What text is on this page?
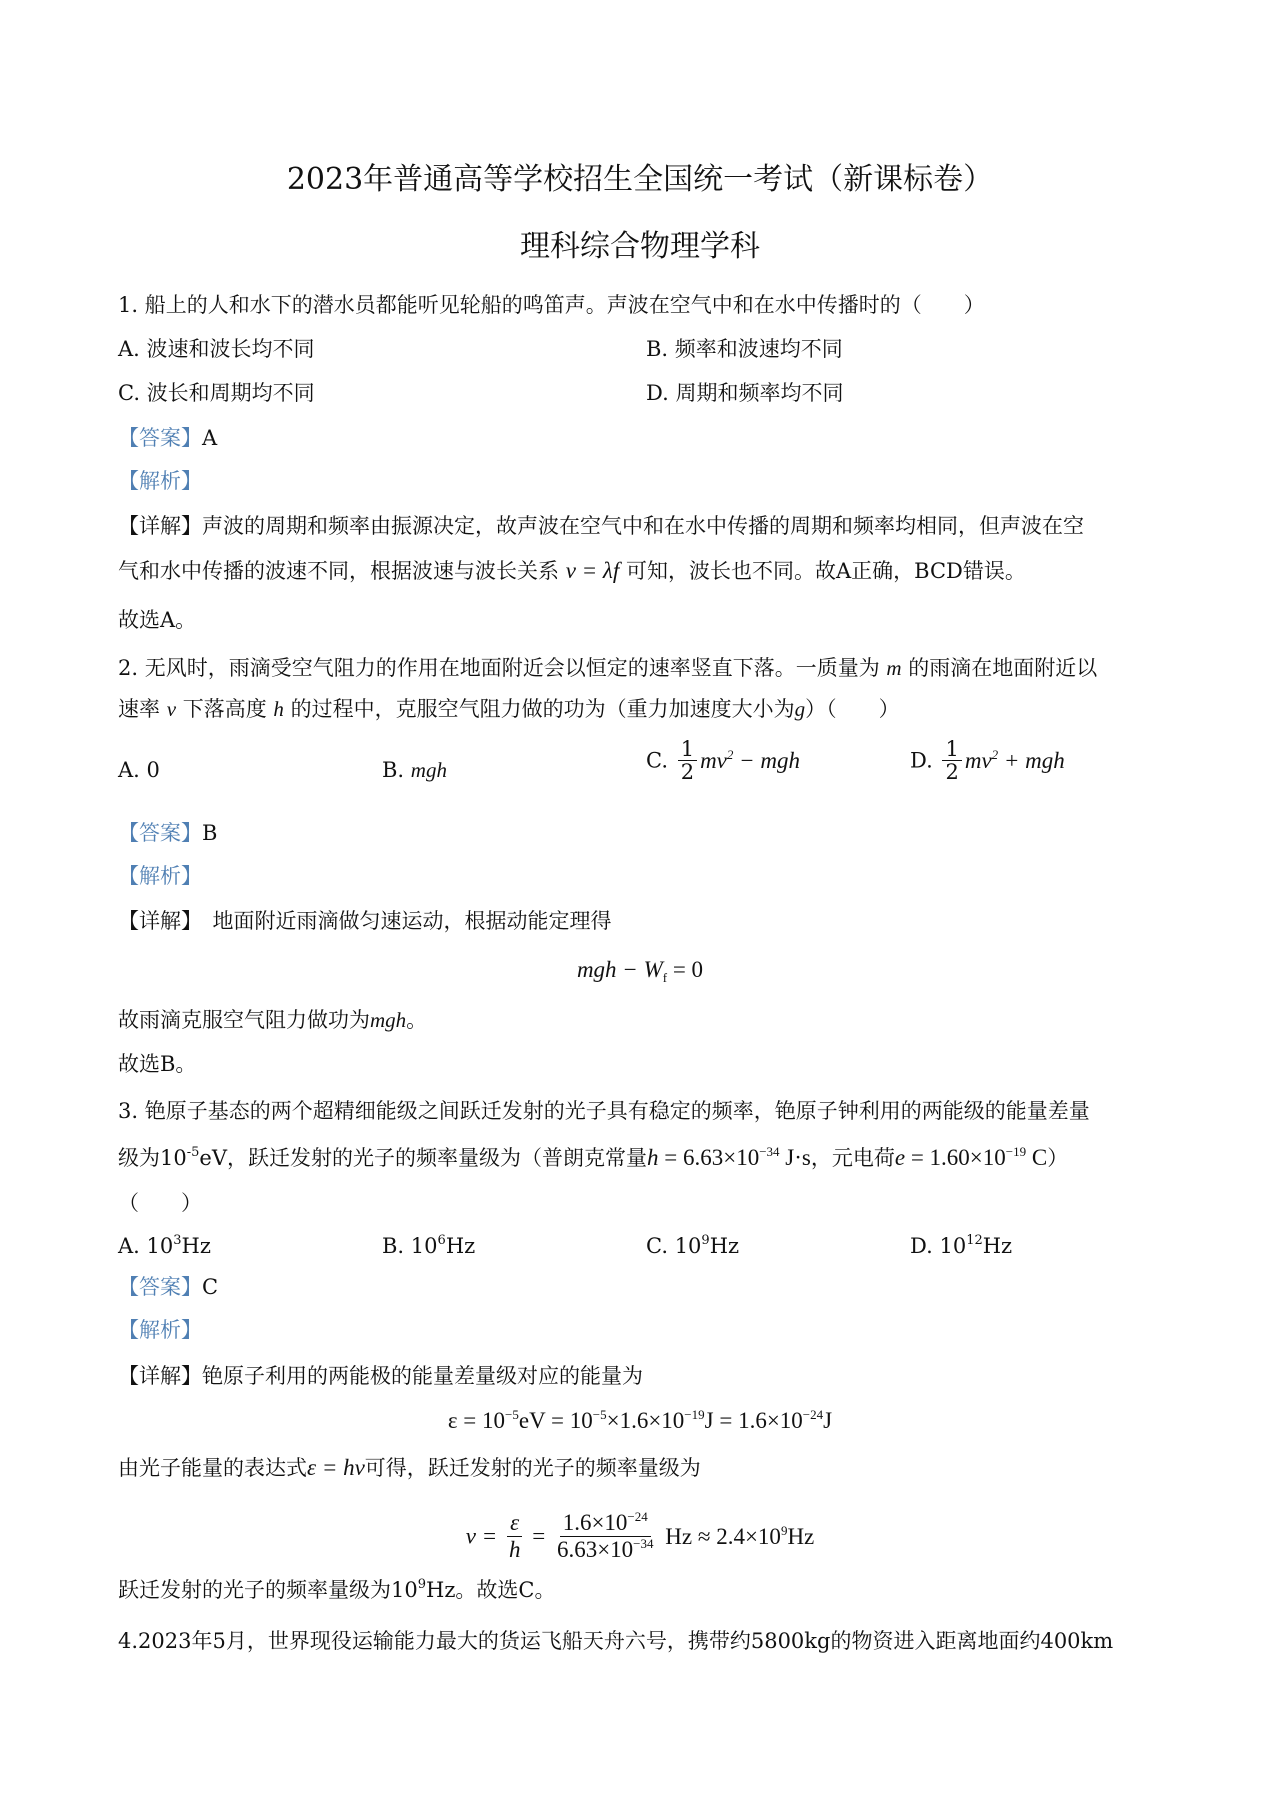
2023年普通高等学校招生全国统一考试（新课标卷）
理科综合物理学科
1. 船上的人和水下的潜水员都能听见轮船的鸣笛声。声波在空气中和在水中传播时的（　　）
A. 波速和波长均不同	B. 频率和波速均不同
C. 波长和周期均不同	D. 周期和频率均不同
【答案】A
【解析】
【详解】声波的周期和频率由振源决定，故声波在空气中和在水中传播的周期和频率均相同，但声波在空
气和水中传播的波速不同，根据波速与波长关系 v = λf 可知，波长也不同。故A正确，BCD错误。
故选A。
2. 无风时，雨滴受空气阻力的作用在地面附近会以恒定的速率竖直下落。一质量为 m 的雨滴在地面附近以
速率 v 下落高度 h 的过程中，克服空气阻力做的功为（重力加速度大小为g）（　　）
A. 0	B. mgh	C. $\frac{1}{2} mv^2$ − mgh	D. $\frac{1}{2} mv^2$ + mgh
【答案】B
【解析】
【详解】　地面附近雨滴做匀速运动，根据动能定理得
mgh − $W_f = 0$
故雨滴克服空气阻力做功为mgh。
故选B。
3. 铯原子基态的两个超精细能级之间跃迁发射的光子具有稳定的频率，铯原子钟利用的两能级的能量差量
级为$10^{-5}eV$，跃迁发射的光子的频率量级为（普朗克常量$h = 6.63\times 10^{-34}$ J·s，元电荷$e = 1.60\times 10^{-19}$ C）
（　　）
A. $10^3Hz$	B. $10^6Hz$	C. $10^9Hz$	D. $10^{12}Hz$
【答案】C
【解析】
【详解】铯原子利用的两能极的能量差量级对应的能量为
$\varepsilon = 10^{-5}eV = 10^{-5}\times 1.6\times 10^{-19}J = 1.6\times 10^{-24}J$
由光子能量的表达式ε = hν可得，跃迁发射的光子的频率量级为
$\nu = \frac{\varepsilon}{h} = \frac{1.6\times 10^{-24}}{6.63\times 10^{-34}}$ $Hz \approx 2.4\times 10^9Hz$
跃迁发射的光子的频率量级为$10^9Hz$。故选C。
4.2023年5月，世界现役运输能力最大的货运飞船天舟六号，携带约5800kg的物资进入距离地面约400km
